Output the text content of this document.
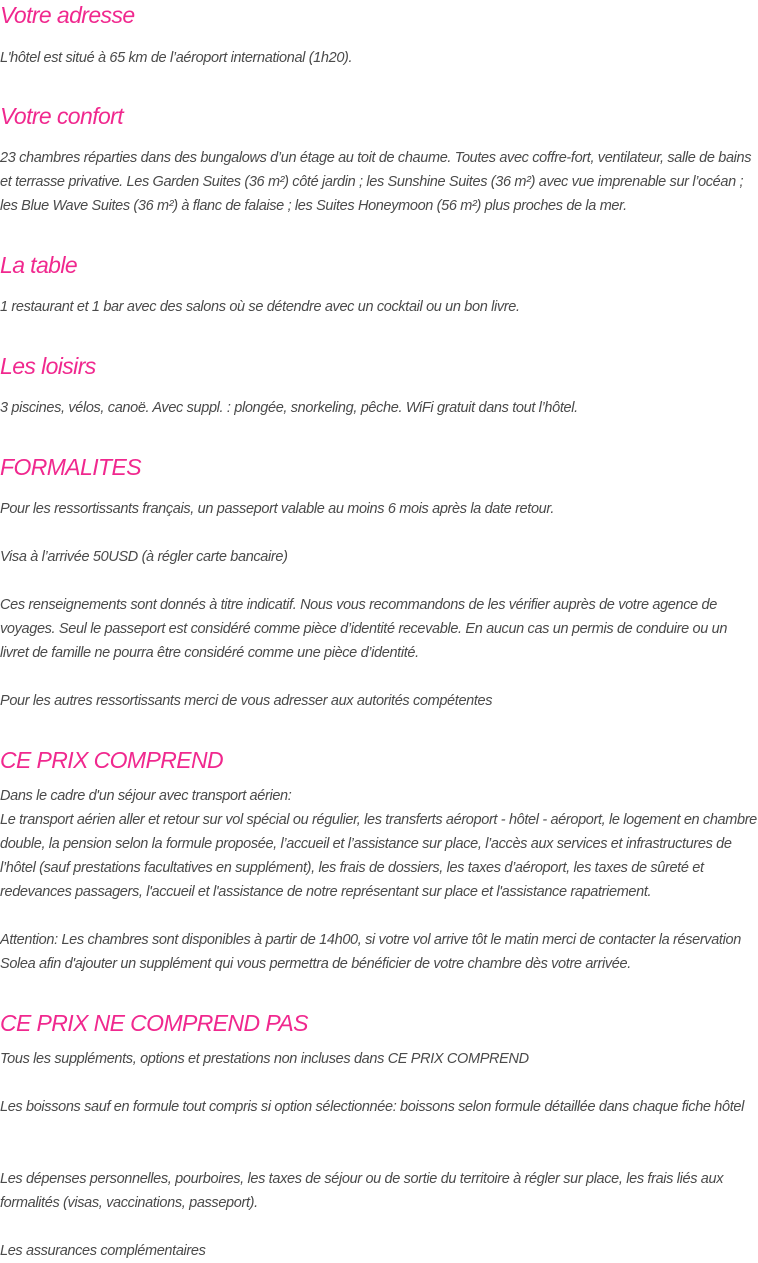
Votre adresse

L'hôtel est situé à 65 km de l’aéroport international (1h20).

Votre confort

23 chambres réparties dans des bungalows d’un étage au toit de chaume. Toutes avec coffre-fort, ventilateur, salle de bains et terrasse privative. Les Garden Suites (36 m²) côté jardin ; les Sunshine Suites (36 m²) avec vue imprenable sur l’océan ; les Blue Wave Suites (36 m²) à flanc de falaise ; les Suites Honeymoon (56 m²) plus proches de la mer.

La table

1 restaurant et 1 bar avec des salons où se détendre avec un cocktail ou un bon livre.

Les loisirs

3 piscines, vélos, canoë. Avec suppl. : plongée, snorkeling, pêche. WiFi gratuit dans tout l’hôtel.

FORMALITES

Pour les ressortissants français, un passeport valable au moins 6 mois après la date retour.

Visa à l’arrivée 50USD (à régler carte bancaire)

Ces renseignements sont donnés à titre indicatif. Nous vous recommandons de les vérifier auprès de votre agence de voyages. Seul le passeport est considéré comme pièce d’identité recevable. En aucun cas un permis de conduire ou un livret de famille ne pourra être considéré comme une pièce d’identité.

Pour les autres ressortissants merci de vous adresser aux autorités compétentes

CE PRIX COMPREND

Dans le cadre d'un séjour avec transport aérien:

Le transport aérien aller et retour sur vol spécial ou régulier, les transferts aéroport - hôtel - aéroport, le logement en chambre double, la pension selon la formule proposée, l’accueil et l’assistance sur place, l’accès aux services et infrastructures de l’hôtel (sauf prestations facultatives en supplément), les frais de dossiers, les taxes d’aéroport, les taxes de sûreté et redevances passagers, l'accueil et l'assistance de notre représentant sur place et l'assistance rapatriement.

Attention: Les chambres sont disponibles à partir de 14h00, si votre vol arrive tôt le matin merci de contacter la réservation Solea afin d'ajouter un supplément qui vous permettra de bénéficier de votre chambre dès votre arrivée.

CE PRIX NE COMPREND PAS

Tous les suppléments, options et prestations non incluses dans CE PRIX COMPREND

Les boissons sauf en formule tout compris si option sélectionnée: boissons selon formule détaillée dans chaque fiche hôtel

Les dépenses personnelles, pourboires, les taxes de séjour ou de sortie du territoire à régler sur place, les frais liés aux formalités (visas, vaccinations, passeport).

Les assurances complémentaires
